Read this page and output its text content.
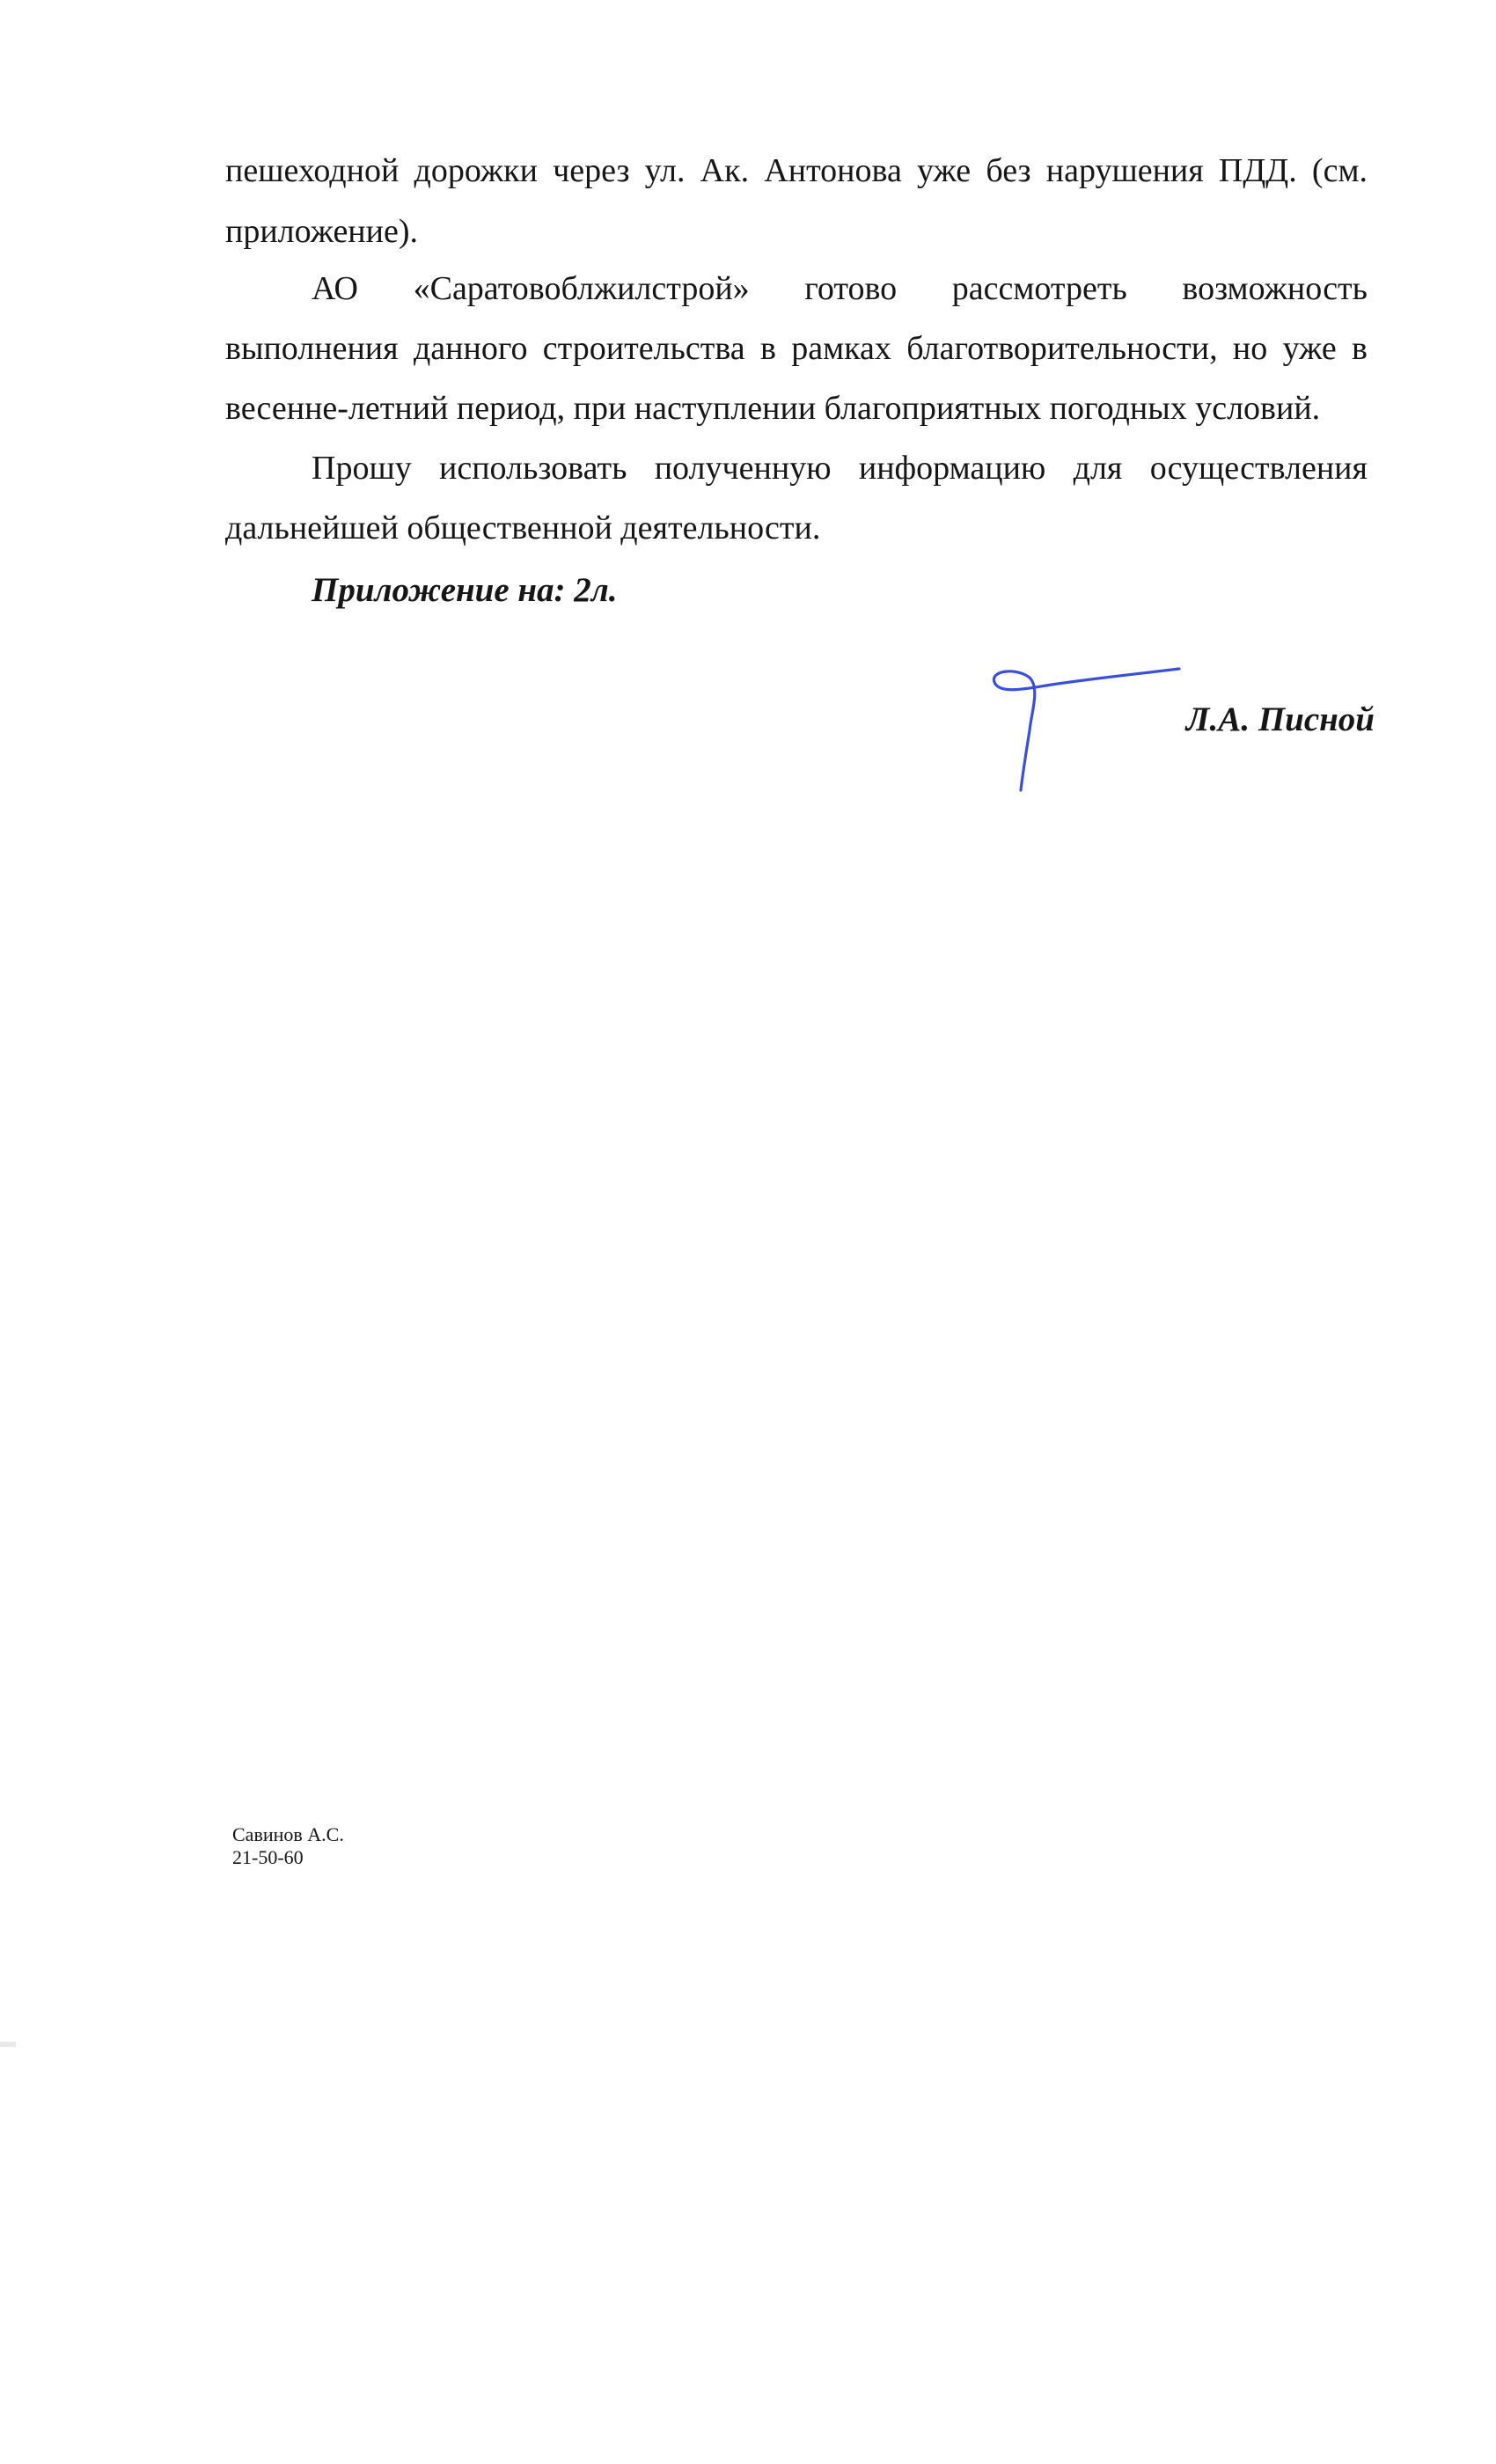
пешеходной дорожки через ул. Ак. Антонова уже без нарушения ПДД. (см.
приложение).
АО «Саратовоблжилстрой» готово рассмотреть возможность
выполнения данного строительства в рамках благотворительности, но уже в
весенне-летний период, при наступлении благоприятных погодных условий.
Прошу использовать полученную информацию для осуществления
дальнейшей общественной деятельности.
Приложение на: 2л.
Л.А. Писной
Савинов А.С.
21-50-60
